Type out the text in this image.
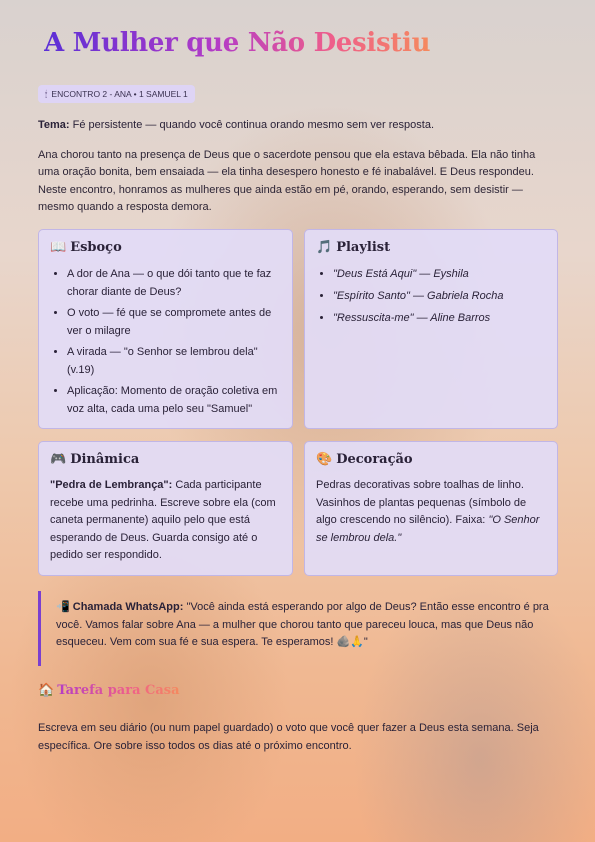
A Mulher que Não Desistiu
🕯 ENCONTRO 2 - ANA • 1 SAMUEL 1

Tema: Fé persistente — quando você continua orando mesmo sem ver resposta.

Ana chorou tanto na presença de Deus que o sacerdote pensou que ela estava bêbada. Ela não tinha uma oração bonita, bem ensaiada — ela tinha desespero honesto e fé inabalável. E Deus respondeu. Neste encontro, honramos as mulheres que ainda estão em pé, orando, esperando, sem desistir — mesmo quando a resposta demora.

📖 Esboço
• A dor de Ana — o que dói tanto que te faz chorar diante de Deus?
• O voto — fé que se compromete antes de ver o milagre
• A virada — "o Senhor se lembrou dela" (v.19)
• Aplicação: Momento de oração coletiva em voz alta, cada uma pelo seu "Samuel"
🎵 Playlist
• "Deus Está Aqui" — Eyshila
• "Espírito Santo" — Gabriela Rocha
• "Ressuscita-me" — Aline Barros
🎮 Dinâmica

"Pedra de Lembrança": Cada participante recebe uma pedrinha. Escreve sobre ela (com caneta permanente) aquilo pelo que está esperando de Deus. Guarda consigo até o pedido ser respondido.

🎨 Decoração

Pedras decorativas sobre toalhas de linho. Vasinhos de plantas pequenas (símbolo de algo crescendo no silêncio). Faixa: "O Senhor se lembrou dela."

📲 Chamada WhatsApp: "Você ainda está esperando por algo de Deus? Então esse encontro é pra você. Vamos falar sobre Ana — a mulher que chorou tanto que pareceu louca, mas que Deus não esqueceu. Vem com sua fé e sua espera. Te esperamos! 🪨🙏"
🏠 Tarefa para Casa

Escreva em seu diário (ou num papel guardado) o voto que você quer fazer a Deus esta semana. Seja específica. Ore sobre isso todos os dias até o próximo encontro.
